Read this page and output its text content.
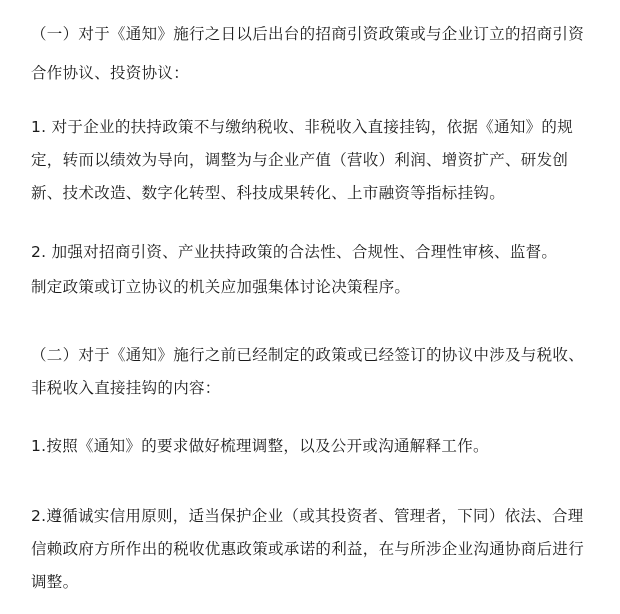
（一）对于《通知》施行之日以后出台的招商引资政策或与企业订立的招商引资
合作协议、投资协议：
1. 对于企业的扶持政策不与缴纳税收、非税收入直接挂钩，依据《通知》的规
定，转而以绩效为导向，调整为与企业产值（营收）利润、增资扩产、研发创
新、技术改造、数字化转型、科技成果转化、上市融资等指标挂钩。
2. 加强对招商引资、产业扶持政策的合法性、合规性、合理性审核、监督。
制定政策或订立协议的机关应加强集体讨论决策程序。
（二）对于《通知》施行之前已经制定的政策或已经签订的协议中涉及与税收、
非税收入直接挂钩的内容：
1.按照《通知》的要求做好梳理调整，以及公开或沟通解释工作。
2.遵循诚实信用原则，适当保护企业（或其投资者、管理者，下同）依法、合理
信赖政府方所作出的税收优惠政策或承诺的利益，在与所涉企业沟通协商后进行
调整。
